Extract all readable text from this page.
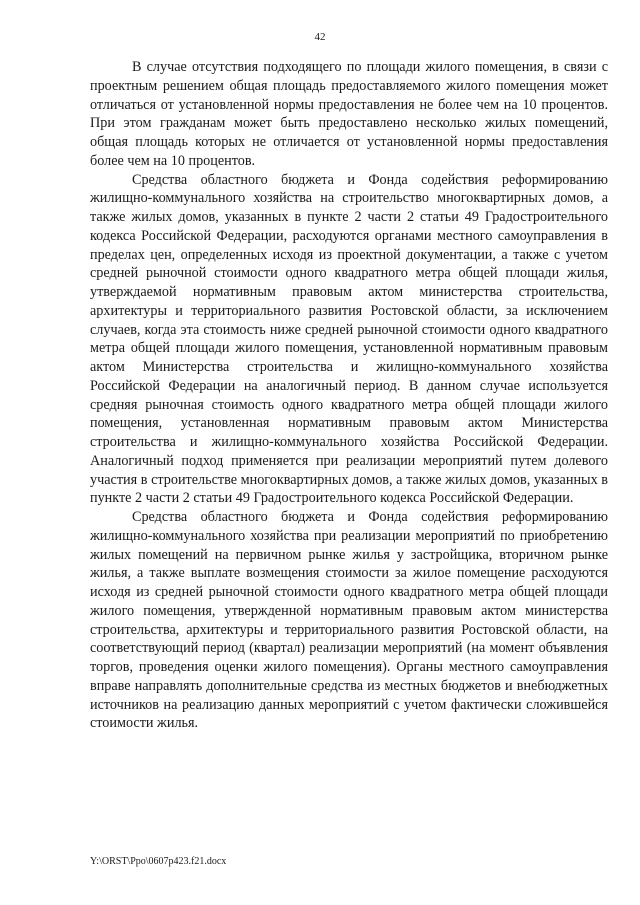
42

В случае отсутствия подходящего по площади жилого помещения, в связи с проектным решением общая площадь предоставляемого жилого помещения может отличаться от установленной нормы предоставления не более чем на 10 процентов. При этом гражданам может быть предоставлено несколько жилых помещений, общая площадь которых не отличается от установленной нормы предоставления более чем на 10 процентов.

Средства областного бюджета и Фонда содействия реформированию жилищно-коммунального хозяйства на строительство многоквартирных домов, а также жилых домов, указанных в пункте 2 части 2 статьи 49 Градостроительного кодекса Российской Федерации, расходуются органами местного самоуправления в пределах цен, определенных исходя из проектной документации, а также с учетом средней рыночной стоимости одного квадратного метра общей площади жилья, утверждаемой нормативным правовым актом министерства строительства, архитектуры и территориального развития Ростовской области, за исключением случаев, когда эта стоимость ниже средней рыночной стоимости одного квадратного метра общей площади жилого помещения, установленной нормативным правовым актом Министерства строительства и жилищно-коммунального хозяйства Российской Федерации на аналогичный период. В данном случае используется средняя рыночная стоимость одного квадратного метра общей площади жилого помещения, установленная нормативным правовым актом Министерства строительства и жилищно-коммунального хозяйства Российской Федерации. Аналогичный подход применяется при реализации мероприятий путем долевого участия в строительстве многоквартирных домов, а также жилых домов, указанных в пункте 2 части 2 статьи 49 Градостроительного кодекса Российской Федерации.

Средства областного бюджета и Фонда содействия реформированию жилищно-коммунального хозяйства при реализации мероприятий по приобретению жилых помещений на первичном рынке жилья у застройщика, вторичном рынке жилья, а также выплате возмещения стоимости за жилое помещение расходуются исходя из средней рыночной стоимости одного квадратного метра общей площади жилого помещения, утвержденной нормативным правовым актом министерства строительства, архитектуры и территориального развития Ростовской области, на соответствующий период (квартал) реализации мероприятий (на момент объявления торгов, проведения оценки жилого помещения). Органы местного самоуправления вправе направлять дополнительные средства из местных бюджетов и внебюджетных источников на реализацию данных мероприятий с учетом фактически сложившейся стоимости жилья.

Y:\ORST\Ppo\0607p423.f21.docx
